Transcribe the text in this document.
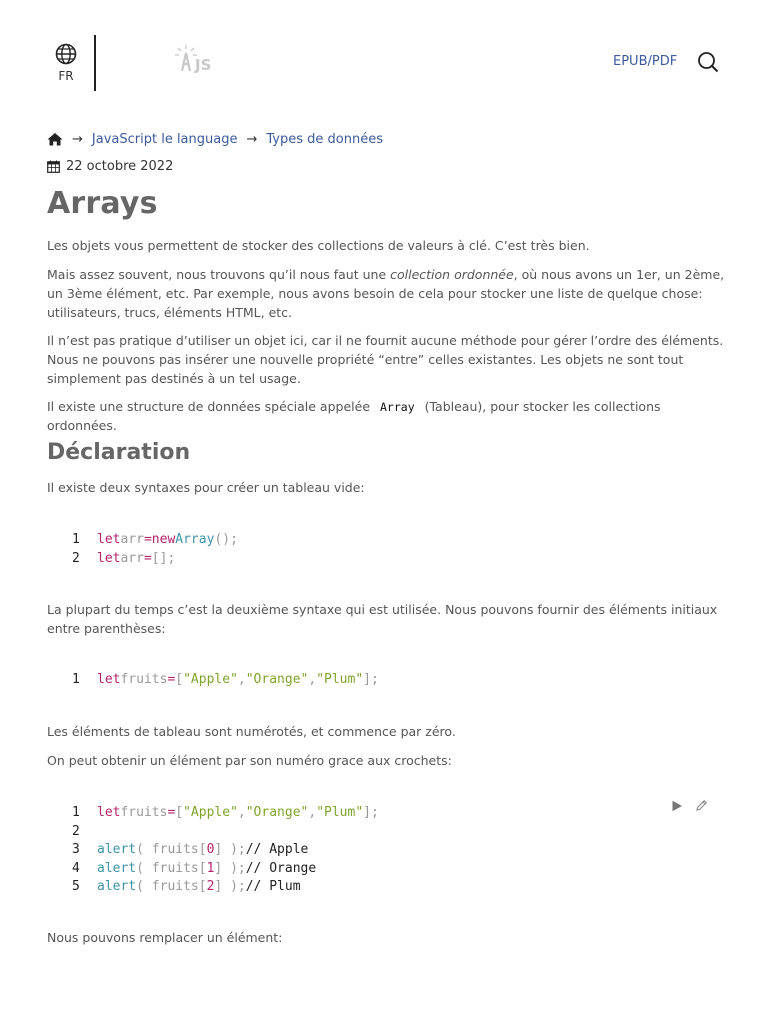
FR
JS	EPUB/PDF
→ JavaScript le language → Types de données
22 octobre 2022
Arrays

Les objets vous permettent de stocker des collections de valeurs à clé. C’est très bien.

Mais assez souvent, nous trouvons qu’il nous faut une collection ordonnée, où nous avons un 1er, un 2ème, un 3ème élément, etc. Par exemple, nous avons besoin de cela pour stocker une liste de quelque chose: utilisateurs, trucs, éléments HTML, etc.

Il n’est pas pratique d’utiliser un objet ici, car il ne fournit aucune méthode pour gérer l’ordre des éléments. Nous ne pouvons pas insérer une nouvelle propriété “entre” celles existantes. Les objets ne sont tout simplement pas destinés à un tel usage.

Il existe une structure de données spéciale appelée Array (Tableau), pour stocker les collections ordonnées.

Déclaration

Il existe deux syntaxes pour créer un tableau vide:

1	let arr = new Array ();
2	let arr = [];

La plupart du temps c’est la deuxième syntaxe qui est utilisée. Nous pouvons fournir des éléments initiaux entre parenthèses:

1	let fruits = [ "Apple" , "Orange" , "Plum" ];

Les éléments de tableau sont numérotés, et commence par zéro.

On peut obtenir un élément par son numéro grace aux crochets:

1	let fruits = [ "Apple" , "Orange" , "Plum" ];
2
3	alert ( fruits [ 0 ] ); // Apple
4	alert ( fruits [ 1 ] ); // Orange
5	alert ( fruits [ 2 ] ); // Plum

Nous pouvons remplacer un élément:
